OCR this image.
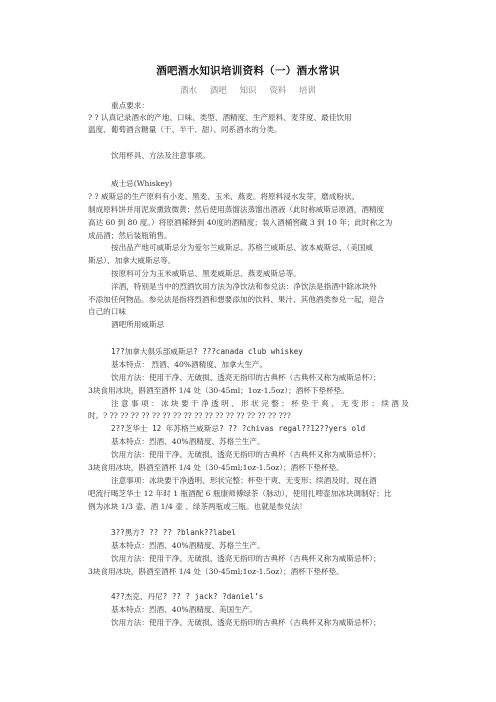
酒吧酒水知识培训资料（一）酒水常识
酒水 酒吧 知识 资料 培训
重点要求：
? ? 认真记录酒水的产地、口味、类型、酒精度、生产原料、麦芽度、最佳饮用
温度、葡萄酒含糖量（干、半干、甜）、同系酒水的分类。
饮用杯具、方法及注意事项。
威士忌(Whiskey)
? ? 威斯忌的生产原料有小麦、黑麦、玉米、燕麦。将原料浸水发芽，磨成粉状、
制成原料饼并用泥炭熏致微黄；然后使用蒸馏法蒸馏出酒液（此时称威斯忌原酒，酒精度
高达 60 到 80 度。）将原酒稀释到 40度的酒精度；装入酒桶窖藏 3 到 10 年；此时称之为
成品酒；然后装瓶销售。
按出品产地可威斯忌分为爱尔兰威斯忌、苏格兰威斯忌、波本威斯忌、（美国威
斯忌）、加拿大威斯忌等。
按原料可分为玉米威斯忌、黑麦威斯忌、燕麦威斯忌等。
洋酒，特别是当中的烈酒饮用方法为净饮法和参兑法：净饮法是指酒中除冰块外
不添加任何物品。参兑法是指将烈酒和想要添加的饮料、果汁、其他酒类参兑一起，迎合
自己的口味
酒吧所用威斯忌
1??加拿大俱乐部威斯忌? ???canada club whiskey
基本特点： 烈酒、40%酒精度、加拿大生产。
饮用方法：使用干净、无破损、透亮无指印的古典杯（古典杯又称为威斯忌杯）；
3块食用冰块，斟酒至酒杯 1/4 处（30-45ml；1oz-1.5oz）；酒杯下垫杯垫。
注 意 事 项 ： 冰 块 要 干 净 透 明 、 形 状 完 整 ； 杯 垫 干 爽 、 无 变 形 ； 续 酒 及
时。? ?? ?? ?? ?? ?? ?? ?? ?? ?? ?? ?? ?? ?? ?? ?? ?? ???
2??芝华士 12 年苏格兰威斯忌? ?? ?chivas regal??12??yers old
基本特点：烈酒、40%酒精度、苏格兰生产。
饮用方法：使用干净、无破损、透亮无指印的古典杯（古典杯又称为威斯忌杯）；
3块食用冰块，斟酒至酒杯 1/4 处（30-45ml;1oz-1.5oz）；酒杯下垫杯垫。
注意事项：冰块要干净透明、形状完整；杯垫干爽、无变形；续酒及时。现在酒
吧流行喝芝华士 12 年时 1 瓶酒配 6 瓶康师傅绿茶（脉动），使用扎啤壶加冰块调制好；比
例为冰块 1/3 壶、酒 1/4 壶 、绿茶两瓶或三瓶。也就是参兑法！
3??黑方? ?? ?? ?blank??label
基本特点：烈酒、40%酒精度、苏格兰生产。
饮用方法：使用干净、无破损、透亮无指印的古典杯（古典杯又称为威斯忌杯）；
3块食用冰块，斟酒至酒杯 1/4 处（30-45ml;1oz-1.5oz）；酒杯下垫杯垫。
4??杰克、丹尼? ?? ? jack? ?daniel’s
基本特点：烈酒、40%酒精度、美国生产。
饮用方法：使用干净、无破损、透亮无指印的古典杯（古典杯又称为威斯忌杯）；
